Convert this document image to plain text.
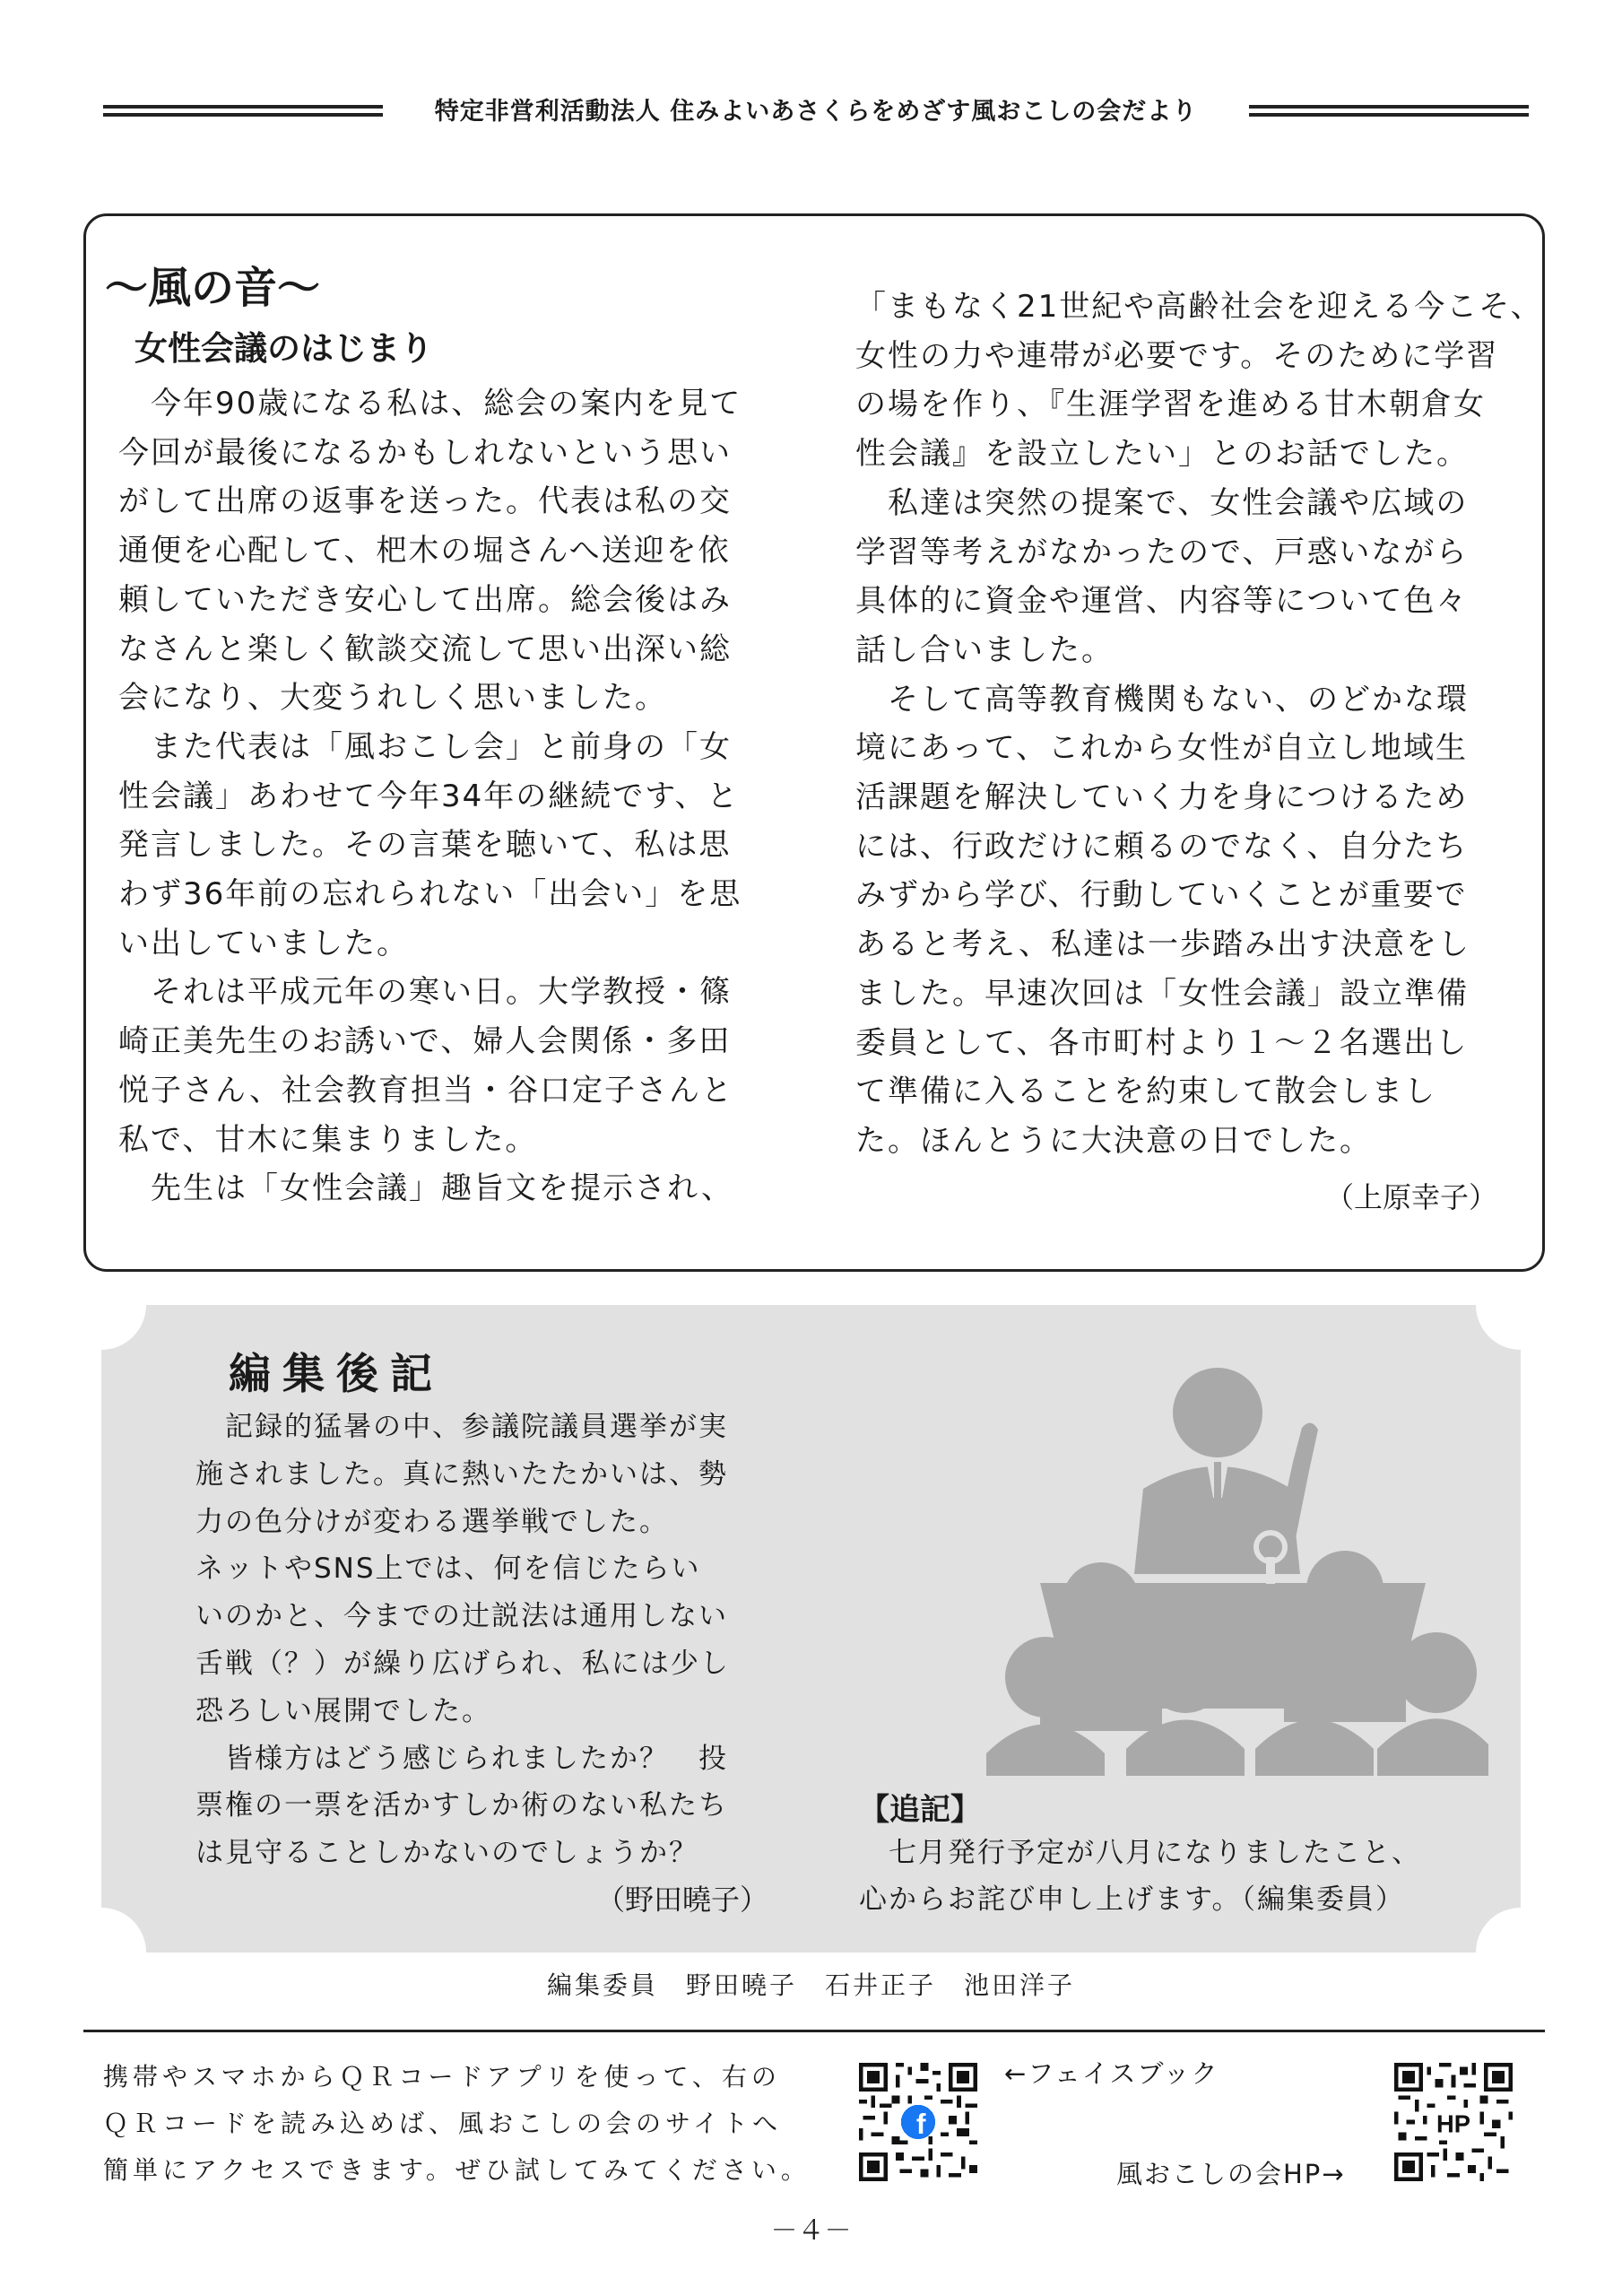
特定非営利活動法人 住みよいあさくらをめざす風おこしの会だより
〜風の音〜
女性会議のはじまり

　今年90歳になる私は、総会の案内を見て

今回が最後になるかもしれないという思い

がして出席の返事を送った。代表は私の交

通便を心配して、杷木の堀さんへ送迎を依

頼していただき安心して出席。総会後はみ

なさんと楽しく歓談交流して思い出深い総

会になり、大変うれしく思いました。

　また代表は「風おこし会」と前身の「女

性会議」あわせて今年34年の継続です、と

発言しました。その言葉を聴いて、私は思

わず36年前の忘れられない「出会い」を思

い出していました。

　それは平成元年の寒い日。大学教授・篠

崎正美先生のお誘いで、婦人会関係・多田

悦子さん、社会教育担当・谷口定子さんと

私で、甘木に集まりました。

　先生は「女性会議」趣旨文を提示され、

「まもなく21世紀や高齢社会を迎える今こそ、

女性の力や連帯が必要です。そのために学習

の場を作り、『生涯学習を進める甘木朝倉女

性会議』を設立したい」とのお話でした。

　私達は突然の提案で、女性会議や広域の

学習等考えがなかったので、戸惑いながら

具体的に資金や運営、内容等について色々

話し合いました。

　そして高等教育機関もない、のどかな環

境にあって、これから女性が自立し地域生

活課題を解決していく力を身につけるため

には、行政だけに頼るのでなく、自分たち

みずから学び、行動していくことが重要で

あると考え、私達は一歩踏み出す決意をし

ました。早速次回は「女性会議」設立準備

委員として、各市町村より１〜２名選出し

て準備に入ることを約束して散会しまし

た。ほんとうに大決意の日でした。

（上原幸子）
編集後記

　記録的猛暑の中、参議院議員選挙が実

施されました。真に熱いたたかいは、勢

力の色分けが変わる選挙戦でした。

ネットやSNS上では、何を信じたらい

いのかと、今までの辻説法は通用しない

舌戦（？）が繰り広げられ、私には少し

恐ろしい展開でした。

　皆様方はどう感じられましたか？　投

票権の一票を活かすしか術のない私たち

は見守ることしかないのでしょうか？

（野田曉子）
【追記】

　七月発行予定が八月になりましたこと、

心からお詫び申し上げます。（編集委員）

編集委員　野田曉子　石井正子　池田洋子

携帯やスマホからＱＲコードアプリを使って、右の

ＱＲコードを読み込めば、風おこしの会のサイトへ

簡単にアクセスできます。ぜひ試してみてください。

f
←フェイスブック
風おこしの会HP→
HP
－４－
